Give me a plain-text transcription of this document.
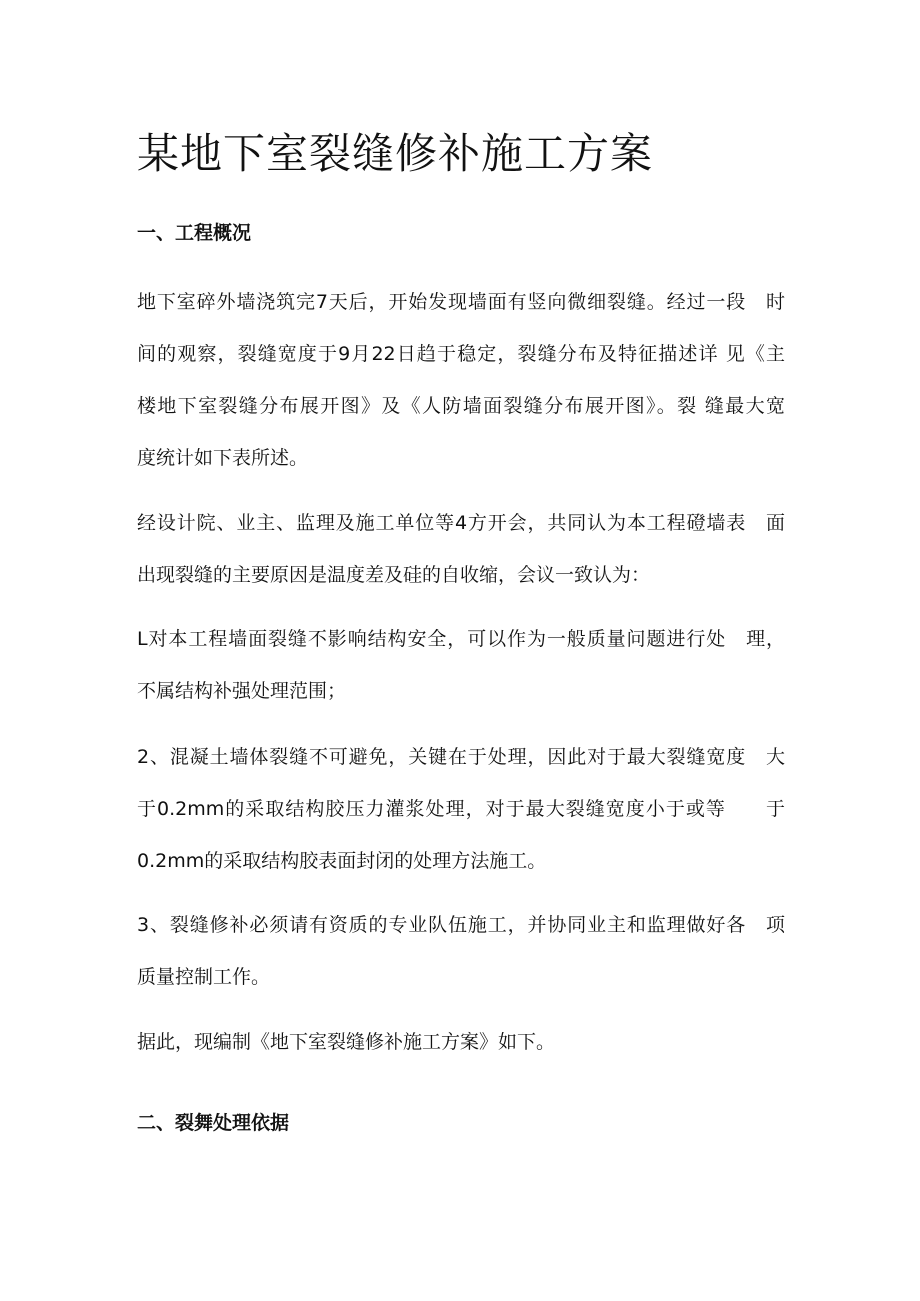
某地下室裂缝修补施工方案
一、工程概况
地下室碎外墙浇筑完7天后，开始发现墙面有竖向微细裂缝。经过一段　时
间的观察，裂缝宽度于9月22日趋于稳定，裂缝分布及特征描述详 见《主
楼地下室裂缝分布展开图》及《人防墙面裂缝分布展开图》。裂 缝最大宽
度统计如下表所述。
经设计院、业主、监理及施工单位等4方开会，共同认为本工程磴墙表　面
出现裂缝的主要原因是温度差及硅的自收缩，会议一致认为：
L对本工程墙面裂缝不影响结构安全，可以作为一般质量问题进行处　理，
不属结构补强处理范围；
2、混凝土墙体裂缝不可避免，关键在于处理，因此对于最大裂缝宽度　大
于0.2mm的采取结构胶压力灌浆处理，对于最大裂缝宽度小于或等　　于
0.2mm的采取结构胶表面封闭的处理方法施工。
3、裂缝修补必须请有资质的专业队伍施工，并协同业主和监理做好各　项
质量控制工作。
据此，现编制《地下室裂缝修补施工方案》如下。
二、裂舞处理依据
